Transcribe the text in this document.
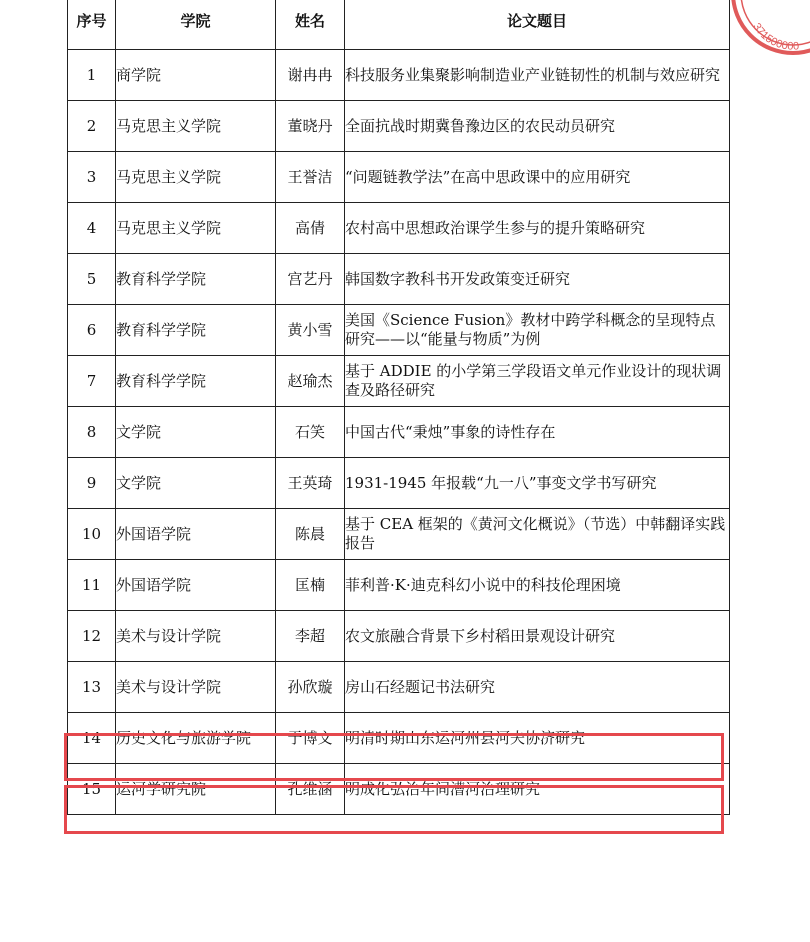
371500000
序号	学院	姓名	论文题目
1	商学院	谢冉冉	科技服务业集聚影响制造业产业链韧性的机制与效应研究
2	马克思主义学院	董晓丹	全面抗战时期冀鲁豫边区的农民动员研究
3	马克思主义学院	王誉洁	“问题链教学法”在高中思政课中的应用研究
4	马克思主义学院	高倩	农村高中思想政治课学生参与的提升策略研究
5	教育科学学院	宫艺丹	韩国数字教科书开发政策变迁研究
6	教育科学学院	黄小雪	美国《Science Fusion》教材中跨学科概念的呈现特点研究——以“能量与物质”为例
7	教育科学学院	赵瑜杰	基于 ADDIE 的小学第三学段语文单元作业设计的现状调查及路径研究
8	文学院	石笑	中国古代“秉烛”事象的诗性存在
9	文学院	王英琦	1931-1945 年报载“九一八”事变文学书写研究
10	外国语学院	陈晨	基于 CEA 框架的《黄河文化概说》（节选）中韩翻译实践报告
11	外国语学院	匡楠	菲利普·K·迪克科幻小说中的科技伦理困境
12	美术与设计学院	李超	农文旅融合背景下乡村稻田景观设计研究
13	美术与设计学院	孙欣璇	房山石经题记书法研究
14	历史文化与旅游学院	于博文	明清时期山东运河州县河夫协济研究
15	运河学研究院	孔维涵	明成化弘治年间漕河治理研究
